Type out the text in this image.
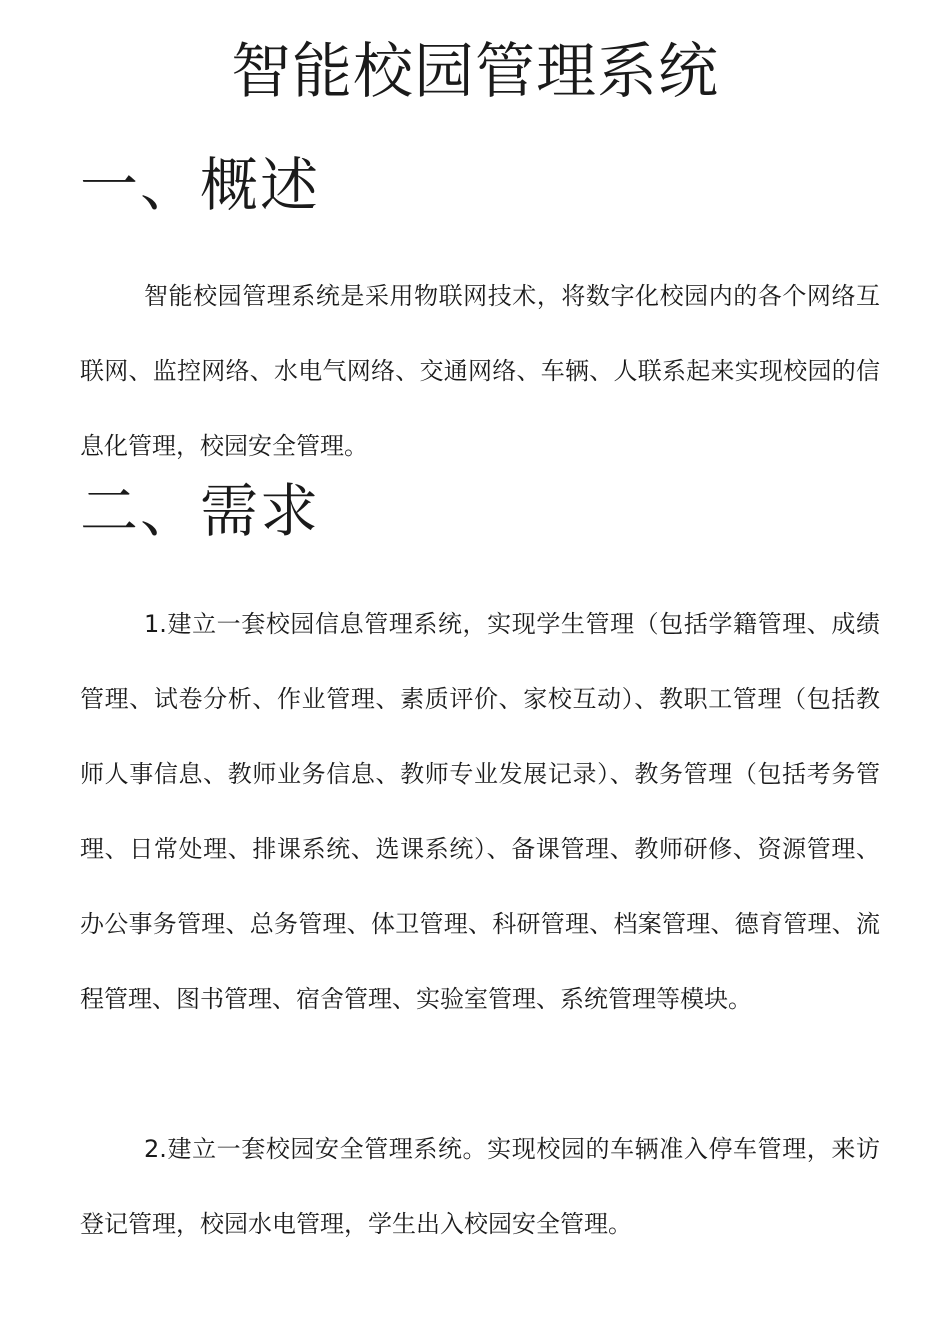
智能校园管理系统
一、概述

智能校园管理系统是采用物联网技术，将数字化校园内的各个网络互联网、监控网络、水电气网络、交通网络、车辆、人联系起来实现校园的信息化管理，校园安全管理。

二、需求

1.建立一套校园信息管理系统，实现学生管理（包括学籍管理、成绩管理、试卷分析、作业管理、素质评价、家校互动）、教职工管理（包括教师人事信息、教师业务信息、教师专业发展记录）、教务管理（包括考务管理、日常处理、排课系统、选课系统）、备课管理、教师研修、资源管理、办公事务管理、总务管理、体卫管理、科研管理、档案管理、德育管理、流程管理、图书管理、宿舍管理、实验室管理、系统管理等模块。

2.建立一套校园安全管理系统。实现校园的车辆准入停车管理，来访登记管理，校园水电管理，学生出入校园安全管理。
